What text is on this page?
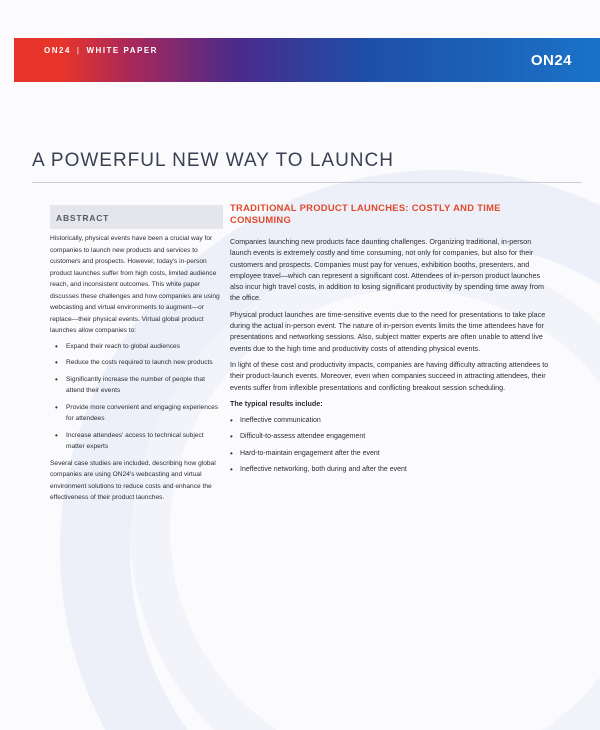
ON24 | WHITE PAPER
ON24
A POWERFUL NEW WAY TO LAUNCH
ABSTRACT

Historically, physical events have been a crucial way for companies to launch new products and services to customers and prospects. However, today's in-person product launches suffer from high costs, limited audience reach, and inconsistent outcomes. This white paper discusses these challenges and how companies are using webcasting and virtual environments to augment—or replace—their physical events. Virtual global product launches allow companies to:

• Expand their reach to global audiences
• Reduce the costs required to launch new products
• Significantly increase the number of people that attend their events
• Provide more convenient and engaging experiences for attendees
• Increase attendees' access to technical subject matter experts

Several case studies are included, describing how global companies are using ON24's webcasting and virtual environment solutions to reduce costs and enhance the effectiveness of their product launches.

TRADITIONAL PRODUCT LAUNCHES: COSTLY AND TIME CONSUMING

Companies launching new products face daunting challenges. Organizing traditional, in-person launch events is extremely costly and time consuming, not only for companies, but also for their customers and prospects. Companies must pay for venues, exhibition booths, presenters, and employee travel—which can represent a significant cost. Attendees of in-person product launches also incur high travel costs, in addition to losing significant productivity by spending time away from the office.

Physical product launches are time-sensitive events due to the need for presentations to take place during the actual in-person event. The nature of in-person events limits the time attendees have for presentations and networking sessions. Also, subject matter experts are often unable to attend live events due to the high time and productivity costs of attending physical events.

In light of these cost and productivity impacts, companies are having difficulty attracting attendees to their product-launch events. Moreover, even when companies succeed in attracting attendees, their events suffer from inflexible presentations and conflicting breakout session scheduling.

The typical results include:
• Ineffective communication
• Difficult-to-assess attendee engagement
• Hard-to-maintain engagement after the event
• Ineffective networking, both during and after the event
